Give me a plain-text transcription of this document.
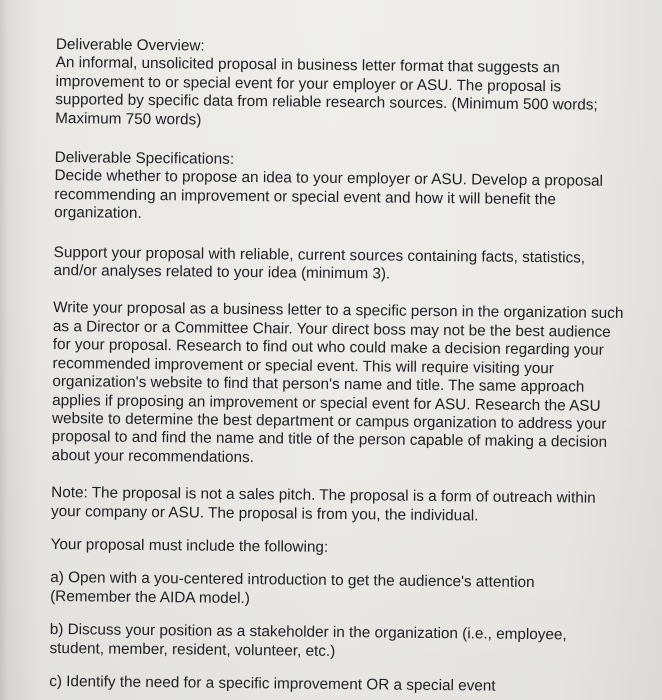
Deliverable Overview:
An informal, unsolicited proposal in business letter format that suggests an
improvement to or special event for your employer or ASU. The proposal is
supported by specific data from reliable research sources. (Minimum 500 words;
Maximum 750 words)
Deliverable Specifications:
Decide whether to propose an idea to your employer or ASU. Develop a proposal
recommending an improvement or special event and how it will benefit the
organization.
Support your proposal with reliable, current sources containing facts, statistics,
and/or analyses related to your idea (minimum 3).
Write your proposal as a business letter to a specific person in the organization such
as a Director or a Committee Chair. Your direct boss may not be the best audience
for your proposal. Research to find out who could make a decision regarding your
recommended improvement or special event. This will require visiting your
organization's website to find that person's name and title. The same approach
applies if proposing an improvement or special event for ASU. Research the ASU
website to determine the best department or campus organization to address your
proposal to and find the name and title of the person capable of making a decision
about your recommendations.
Note: The proposal is not a sales pitch. The proposal is a form of outreach within
your company or ASU. The proposal is from you, the individual.
Your proposal must include the following:
a) Open with a you-centered introduction to get the audience's attention
(Remember the AIDA model.)
b) Discuss your position as a stakeholder in the organization (i.e., employee,
student, member, resident, volunteer, etc.)
c) Identify the need for a specific improvement OR a special event
